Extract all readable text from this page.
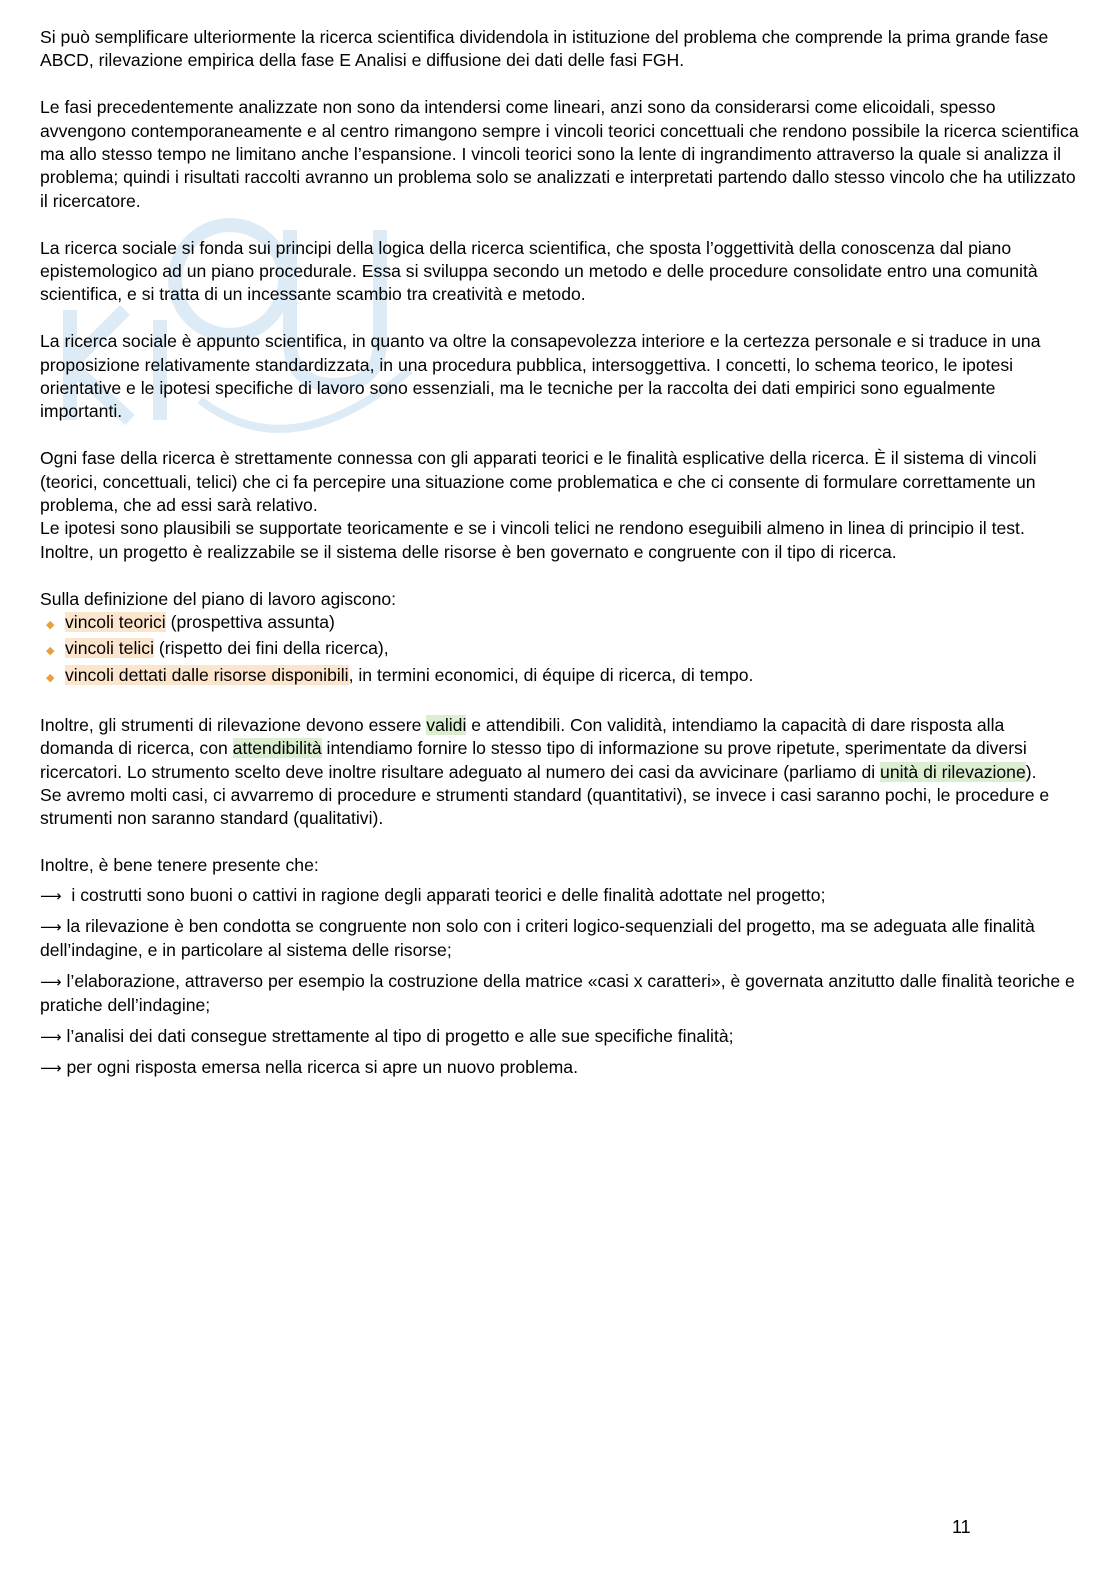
Si può semplificare ulteriormente la ricerca scientifica dividendola in istituzione del problema che comprende la prima grande fase ABCD, rilevazione empirica della fase E Analisi e diffusione dei dati delle fasi FGH.

Le fasi precedentemente analizzate non sono da intendersi come lineari, anzi sono da considerarsi come elicoidali, spesso avvengono contemporaneamente e al centro rimangono sempre i vincoli teorici concettuali che rendono possibile la ricerca scientifica ma allo stesso tempo ne limitano anche l’espansione. I vincoli teorici sono la lente di ingrandimento attraverso la quale si analizza il problema; quindi i risultati raccolti avranno un problema solo se analizzati e interpretati partendo dallo stesso vincolo che ha utilizzato il ricercatore.

La ricerca sociale si fonda sui principi della logica della ricerca scientifica, che sposta l’oggettività della conoscenza dal piano epistemologico ad un piano procedurale. Essa si sviluppa secondo un metodo e delle procedure consolidate entro una comunità scientifica, e si tratta di un incessante scambio tra creatività e metodo.

La ricerca sociale è appunto scientifica, in quanto va oltre la consapevolezza interiore e la certezza personale e si traduce in una proposizione relativamente standardizzata, in una procedura pubblica, intersoggettiva. I concetti, lo schema teorico, le ipotesi orientative e le ipotesi specifiche di lavoro sono essenziali, ma le tecniche per la raccolta dei dati empirici sono egualmente importanti.

Ogni fase della ricerca è strettamente connessa con gli apparati teorici e le finalità esplicative della ricerca. È il sistema di vincoli (teorici, concettuali, telici) che ci fa percepire una situazione come problematica e che ci consente di formulare correttamente un problema, che ad essi sarà relativo.

Le ipotesi sono plausibili se supportate teoricamente e se i vincoli telici ne rendono eseguibili almeno in linea di principio il test. Inoltre, un progetto è realizzabile se il sistema delle risorse è ben governato e congruente con il tipo di ricerca.

Sulla definizione del piano di lavoro agiscono:

◆ vincoli teorici (prospettiva assunta)
◆ vincoli telici (rispetto dei fini della ricerca),
◆ vincoli dettati dalle risorse disponibili, in termini economici, di équipe di ricerca, di tempo.

Inoltre, gli strumenti di rilevazione devono essere validi e attendibili. Con validità, intendiamo la capacità di dare risposta alla domanda di ricerca, con attendibilità intendiamo fornire lo stesso tipo di informazione su prove ripetute, sperimentate da diversi ricercatori. Lo strumento scelto deve inoltre risultare adeguato al numero dei casi da avvicinare (parliamo di unità di rilevazione).

Se avremo molti casi, ci avvarremo di procedure e strumenti standard (quantitativi), se invece i casi saranno pochi, le procedure e strumenti non saranno standard (qualitativi).

Inoltre, è bene tenere presente che:

⟶ i costrutti sono buoni o cattivi in ragione degli apparati teorici e delle finalità adottate nel progetto;
⟶ la rilevazione è ben condotta se congruente non solo con i criteri logico-sequenziali del progetto, ma se adeguata alle finalità dell’indagine, e in particolare al sistema delle risorse;
⟶ l’elaborazione, attraverso per esempio la costruzione della matrice «casi x caratteri», è governata anzitutto dalle finalità teoriche e pratiche dell’indagine;
⟶ l’analisi dei dati consegue strettamente al tipo di progetto e alle sue specifiche finalità;
⟶ per ogni risposta emersa nella ricerca si apre un nuovo problema.
11
